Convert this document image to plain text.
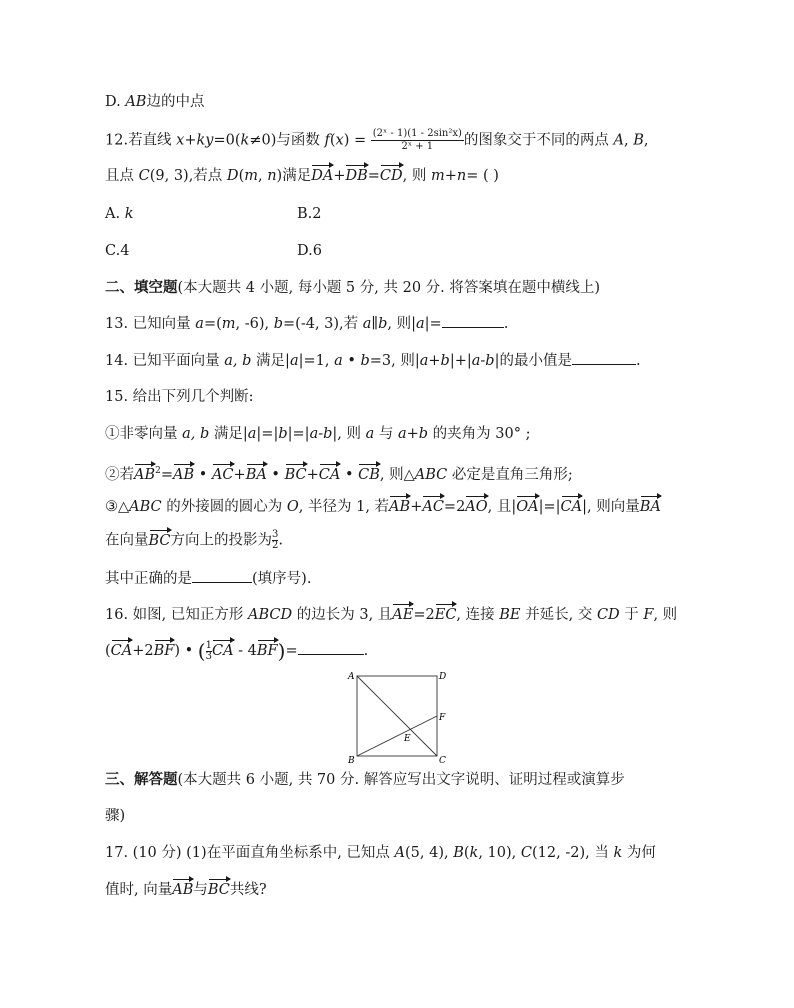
D. AB边的中点
12.若直线 x+ky=0(k≠0)与函数 $f(x) = \frac{\text{(2ˣ - 1)(1 - 2sin²x)}}{\text{2ˣ + 1}}$ 的图象交于不同的两点 A, B,
且点 C(9, 3),若点 D(m, n)满足DA+DB=CD, 则 m+n= ( )
A. k	B.2
C.4	D.6
二、填空题(本大题共 4 小题, 每小题 5 分, 共 20 分. 将答案填在题中横线上)
13. 已知向量 a=(m, -6), b=(-4, 3),若 a∥b, 则|a|=	.
14. 已知平面向量 a, b 满足|a|=1, a • b=3, 则|a+b|+|a-b|的最小值是	.
15. 给出下列几个判断:
①非零向量 a, b 满足|a|=|b|=|a-b|, 则 a 与 a+b 的夹角为 30° ;
②若$AB^2=AB$ • AC+BA • BC+CA • CB, 则△ABC 必定是直角三角形;
③△ABC 的外接圆的圆心为 O, 半径为 1, 若AB+AC=2AO, 且|OA|=|CA|, 则向量BA
在向量BC方向上的投影为 $\frac{3}{2}$.
其中正确的是	(填序号).
16. 如图, 已知正方形 ABCD 的边长为 3, 且AE=2EC, 连接 BE 并延长, 交 CD 于 F, 则
(CA+2BF) • ( $\frac{1}{3}CA - 4BF)=$	.
A	D
B	C
E
F
三、解答题(本大题共 6 小题, 共 70 分. 解答应写出文字说明、证明过程或演算步
骤)
17. (10 分) (1)在平面直角坐标系中, 已知点 A(5, 4), B(k, 10), C(12, -2), 当 k 为何
值时, 向量AB与BC共线?
